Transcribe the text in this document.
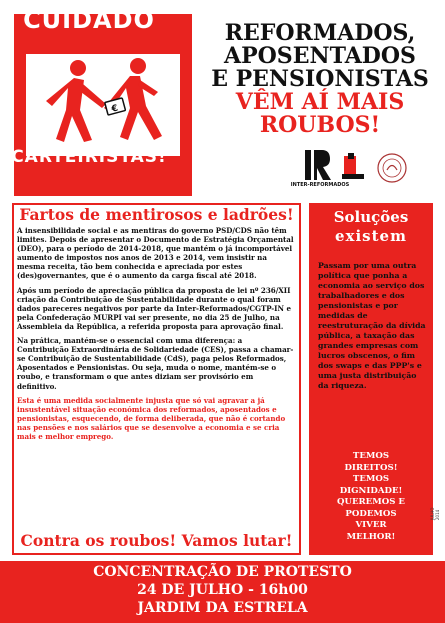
CUIDADO
€
CARTEIRISTAS!
REFORMADOS,
APOSENTADOS
E PENSIONISTAS
VÊM AÍ MAIS
ROUBOS!
INTER-REFORMADOS
Fartos de mentirosos e ladrões!

A insensibilidade social e as mentiras do governo PSD/CDS não têm limites. Depois de apresentar o Documento de Estratégia Orçamental (DEO), para o período de 2014-2018, que mantém o já incomportável aumento de impostos nos anos de 2013 e 2014, vem insistir na mesma receita, tão bem conhecida e apreciada por estes (des)governantes, que é o aumento da carga fiscal até 2018.

Após um período de apreciação pública da proposta de lei nº 236/XII criação da Contribuição de Sustentabilidade durante o qual foram dados pareceres negativos por parte da Inter-Reformados/CGTP-IN e pela Confederação MURPI vai ser presente, no dia 25 de Julho, na Assembleia da República, a referida proposta para aprovação final.

Na prática, mantém-se o essencial com uma diferença: a Contribuição Extraordinária de Solidariedade (CES), passa a chamar-se Contribuição de Sustentabilidade (CdS), paga pelos Reformados, Aposentados e Pensionistas. Ou seja, muda o nome, mantém-se o roubo, e transformam o que antes diziam ser provisório em definitivo.

Esta é uma medida socialmente injusta que só vai agravar a já insustentável situação económica dos reformados, aposentados e pensionistas, esquecendo, de forma deliberada, que não é cortando nas pensões e nos salários que se desenvolve a economia e se cria mais e melhor emprego.

Contra os roubos! Vamos lutar!
Soluções
existem
Passam por uma outra política que ponha a economia ao serviço dos trabalhadores e dos pensionistas e por medidas de reestruturação da dívida pública, a taxação das grandes empresas com lucros obscenos, o fim dos swaps e das PPP's e uma justa distribuição da riqueza.
TEMOS
DIREITOS!
TEMOS
DIGNIDADE!
QUEREMOS E
PODEMOS
VIVER
MELHOR!
JULHO 2014
CONCENTRAÇÃO DE PROTESTO
24 DE JULHO - 16h00
JARDIM DA ESTRELA
